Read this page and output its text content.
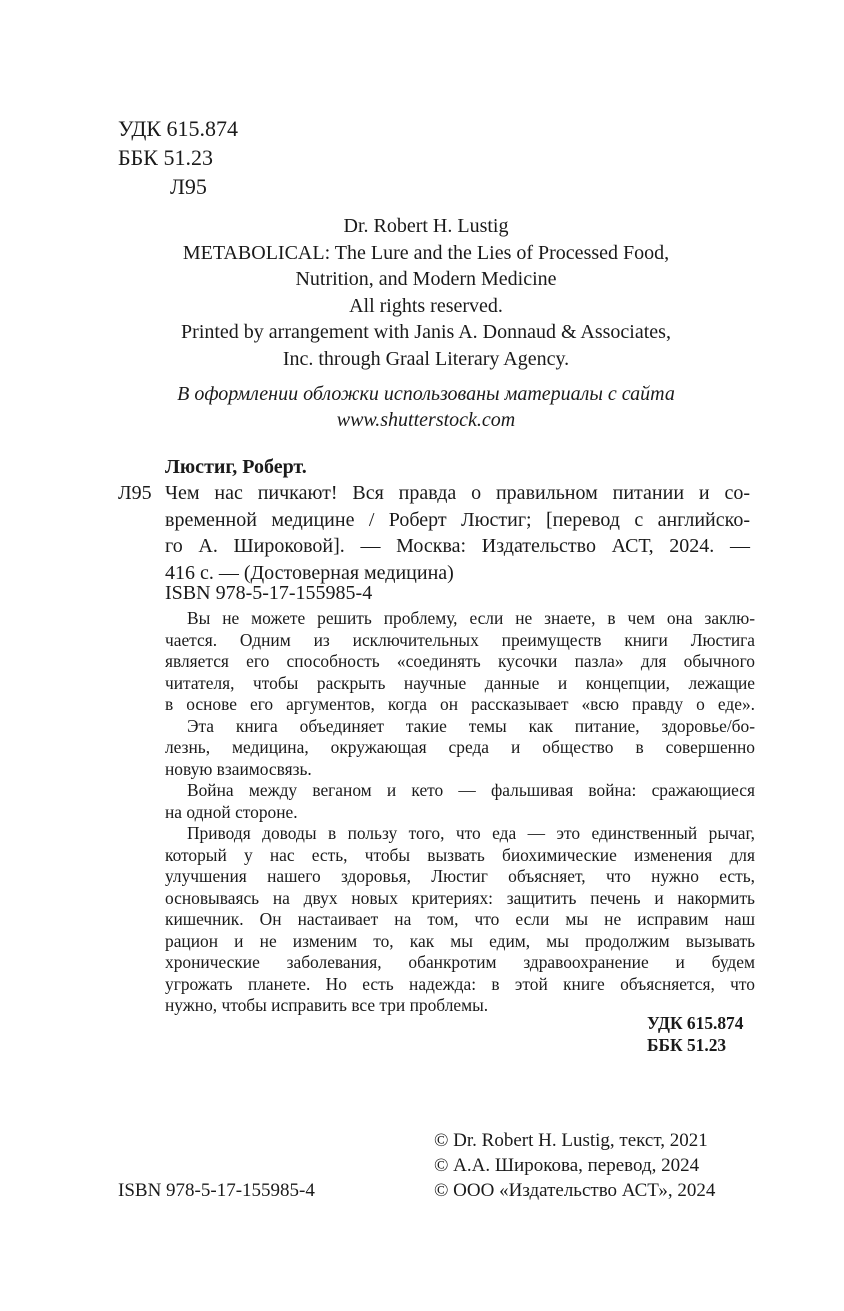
УДК 615.874
ББК 51.23
Л95
Dr. Robert H. Lustig
METABOLICAL: The Lure and the Lies of Processed Food,
Nutrition, and Modern Medicine
All rights reserved.
Printed by arrangement with Janis A. Donnaud & Associates,
Inc. through Graal Literary Agency.
В оформлении обложки использованы материалы с сайта
www.shutterstock.com
Люстиг, Роберт.
Л95 Чем нас пичкают! Вся правда о правильном питании и со-
временной медицине / Роберт Люстиг; [перевод с английско-
го А. Широковой]. — Москва: Издательство АСТ, 2024. —
416 с. — (Достоверная медицина)
ISBN 978-5-17-155985-4
Вы не можете решить проблему, если не знаете, в чем она заклю-
чается. Одним из исключительных преимуществ книги Люстига
является его способность «соединять кусочки пазла» для обычного
читателя, чтобы раскрыть научные данные и концепции, лежащие
в основе его аргументов, когда он рассказывает «всю правду о еде».
Эта книга объединяет такие темы как питание, здоровье/бо-
лезнь, медицина, окружающая среда и общество в совершенно
новую взаимосвязь.
Война между веганом и кето — фальшивая война: сражающиеся
на одной стороне.
Приводя доводы в пользу того, что еда — это единственный рычаг,
который у нас есть, чтобы вызвать биохимические изменения для
улучшения нашего здоровья, Люстиг объясняет, что нужно есть,
основываясь на двух новых критериях: защитить печень и накормить
кишечник. Он настаивает на том, что если мы не исправим наш
рацион и не изменим то, как мы едим, мы продолжим вызывать
хронические заболевания, обанкротим здравоохранение и будем
угрожать планете. Но есть надежда: в этой книге объясняется, что
нужно, чтобы исправить все три проблемы.
УДК 615.874
ББК 51.23
© Dr. Robert H. Lustig, текст, 2021
© А.А. Широкова, перевод, 2024
© ООО «Издательство АСТ», 2024
ISBN 978-5-17-155985-4
